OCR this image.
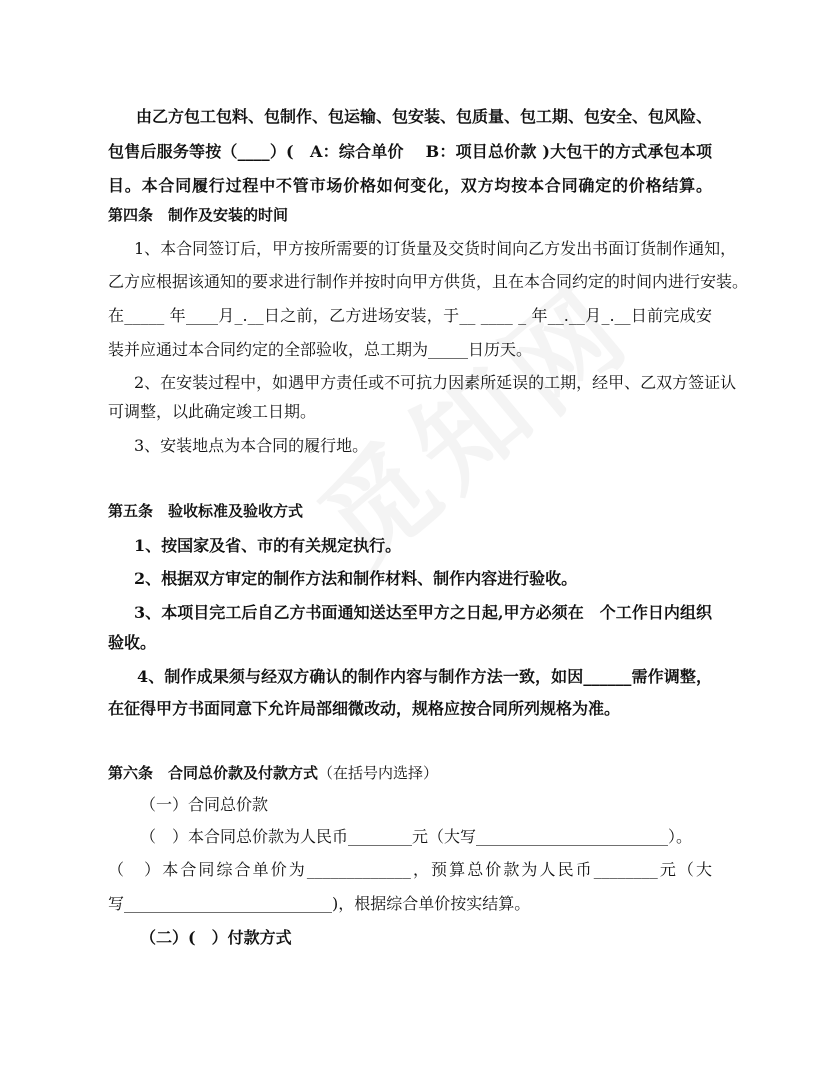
由乙方包工包料、包制作、包运输、包安装、包质量、包工期、包安全、包风险、
包售后服务等按（____）(　A：综合单价　 B：项目总价款 )大包干的方式承包本项
目。本合同履行过程中不管市场价格如何变化，双方均按本合同确定的价格结算。
第四条　制作及安装的时间
1、本合同签订后，甲方按所需要的订货量及交货时间向乙方发出书面订货制作通知，
乙方应根据该通知的要求进行制作并按时向甲方供货，且在本合同约定的时间内进行安装。
在_____ 年____月_.__日之前，乙方进场安装，于__ ____ _ 年__.__月_.__日前完成安
装并应通过本合同约定的全部验收，总工期为_____日历天。
2、在安装过程中，如遇甲方责任或不可抗力因素所延误的工期，经甲、乙双方签证认
可调整，以此确定竣工日期。
3、安装地点为本合同的履行地。
第五条　验收标准及验收方式
1、按国家及省、市的有关规定执行。
2、根据双方审定的制作方法和制作材料、制作内容进行验收。
3、本项目完工后自乙方书面通知送达至甲方之日起,甲方必须在　个工作日内组织
验收。
4、制作成果须与经双方确认的制作内容与制作方法一致，如因______需作调整，
在征得甲方书面同意下允许局部细微改动，规格应按合同所列规格为准。
第六条　合同总价款及付款方式（在括号内选择）
（一）合同总价款
（　）本合同总价款为人民币________元（大写________________________）。
（　）本合同综合单价为_____________，预算总价款为人民币________元（大
写__________________________)，根据综合单价按实结算。
（二）(　）付款方式
